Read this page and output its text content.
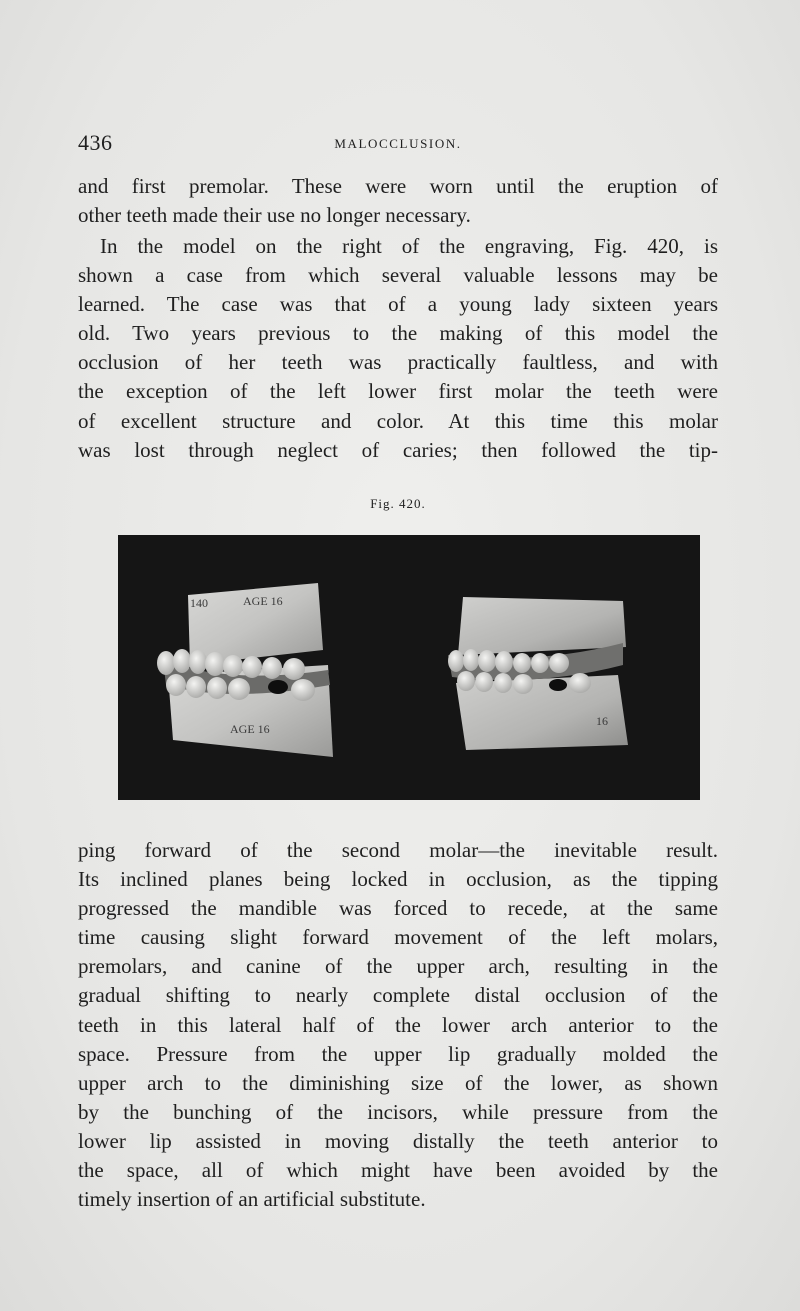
436	MALOCCLUSION.
and first premolar. These were worn until the eruption of
other teeth made their use no longer necessary.
In the model on the right of the engraving, Fig. 420, is
shown a case from which several valuable lessons may be
learned. The case was that of a young lady sixteen years
old. Two years previous to the making of this model the
occlusion of her teeth was practically faultless, and with
the exception of the left lower first molar the teeth were
of excellent structure and color. At this time this molar
was lost through neglect of caries; then followed the tip-
Fig. 420.
140	AGE 16
AGE 16
16
ping forward of the second molar—the inevitable result.
Its inclined planes being locked in occlusion, as the tipping
progressed the mandible was forced to recede, at the same
time causing slight forward movement of the left molars,
premolars, and canine of the upper arch, resulting in the
gradual shifting to nearly complete distal occlusion of the
teeth in this lateral half of the lower arch anterior to the
space. Pressure from the upper lip gradually molded the
upper arch to the diminishing size of the lower, as shown
by the bunching of the incisors, while pressure from the
lower lip assisted in moving distally the teeth anterior to
the space, all of which might have been avoided by the
timely insertion of an artificial substitute.
